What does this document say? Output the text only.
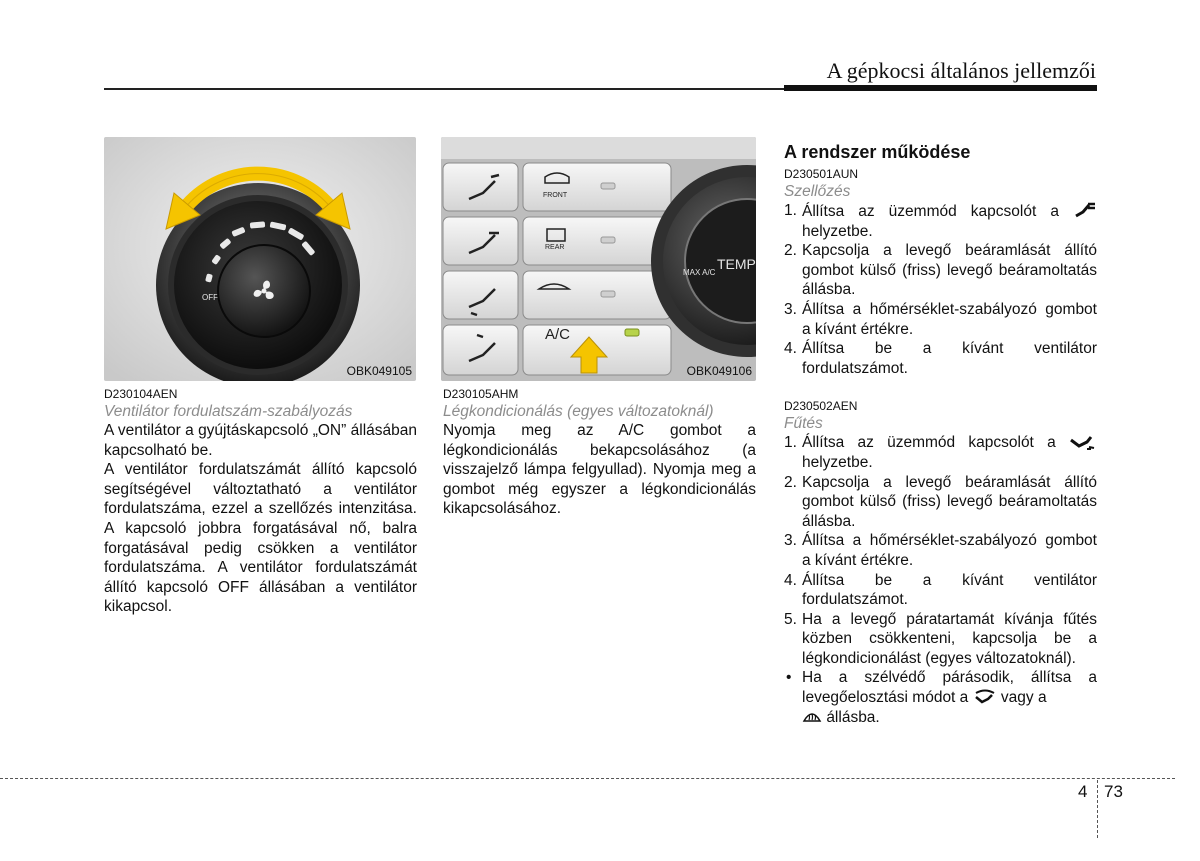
A gépkocsi általános jellemzői
OFF
OBK049105
FRONT
REAR
A/C
MAX A/C
TEMP
OBK049106
D230104AEN
Ventilátor fordulatszám-szabályozás

A ventilátor a gyújtáskapcsoló „ON” állásában kapcsolható be.

A ventilátor fordulatszámát állító kapcsoló segítségével változtatható a ventilátor fordulatszáma, ezzel a szellőzés intenzitása. A kapcsoló jobbra forgatásával nő, balra forgatásával pedig csökken a ventilátor fordulatszáma. A ventilátor fordulatszámát állító kapcsoló OFF állásában a ventilátor kikapcsol.

D230105AHM
Légkondicionálás (egyes változatoknál)

Nyomja meg az A/C gombot a légkondicionálás bekapcsolásához (a visszajelző lámpa felgyullad). Nyomja meg a gombot még egyszer a légkondicionálás kikapcsolásához.

A rendszer működése
D230501AUN
Szellőzés
1. Állítsa az üzemmód kapcsolót a  helyzetbe.
2. Kapcsolja a levegő beáramlását állító gombot külső (friss) levegő beáramoltatás állásba.
3. Állítsa a hőmérséklet-szabályozó gombot a kívánt értékre.
4. Állítsa be a kívánt ventilátor fordulatszámot.
D230502AEN
Fűtés
1. Állítsa az üzemmód kapcsolót a  helyzetbe.
2. Kapcsolja a levegő beáramlását állító gombot külső (friss) levegő beáramoltatás állásba.
3. Állítsa a hőmérséklet-szabályozó gombot a kívánt értékre.
4. Állítsa be a kívánt ventilátor fordulatszámot.
5. Ha a levegő páratartamát kívánja fűtés közben csökkenteni, kapcsolja be a légkondicionálást (egyes változatoknál).
• Ha a szélvédő párásodik, állítsa a levegőelosztási módot a vagy a
állásba.
4 73
